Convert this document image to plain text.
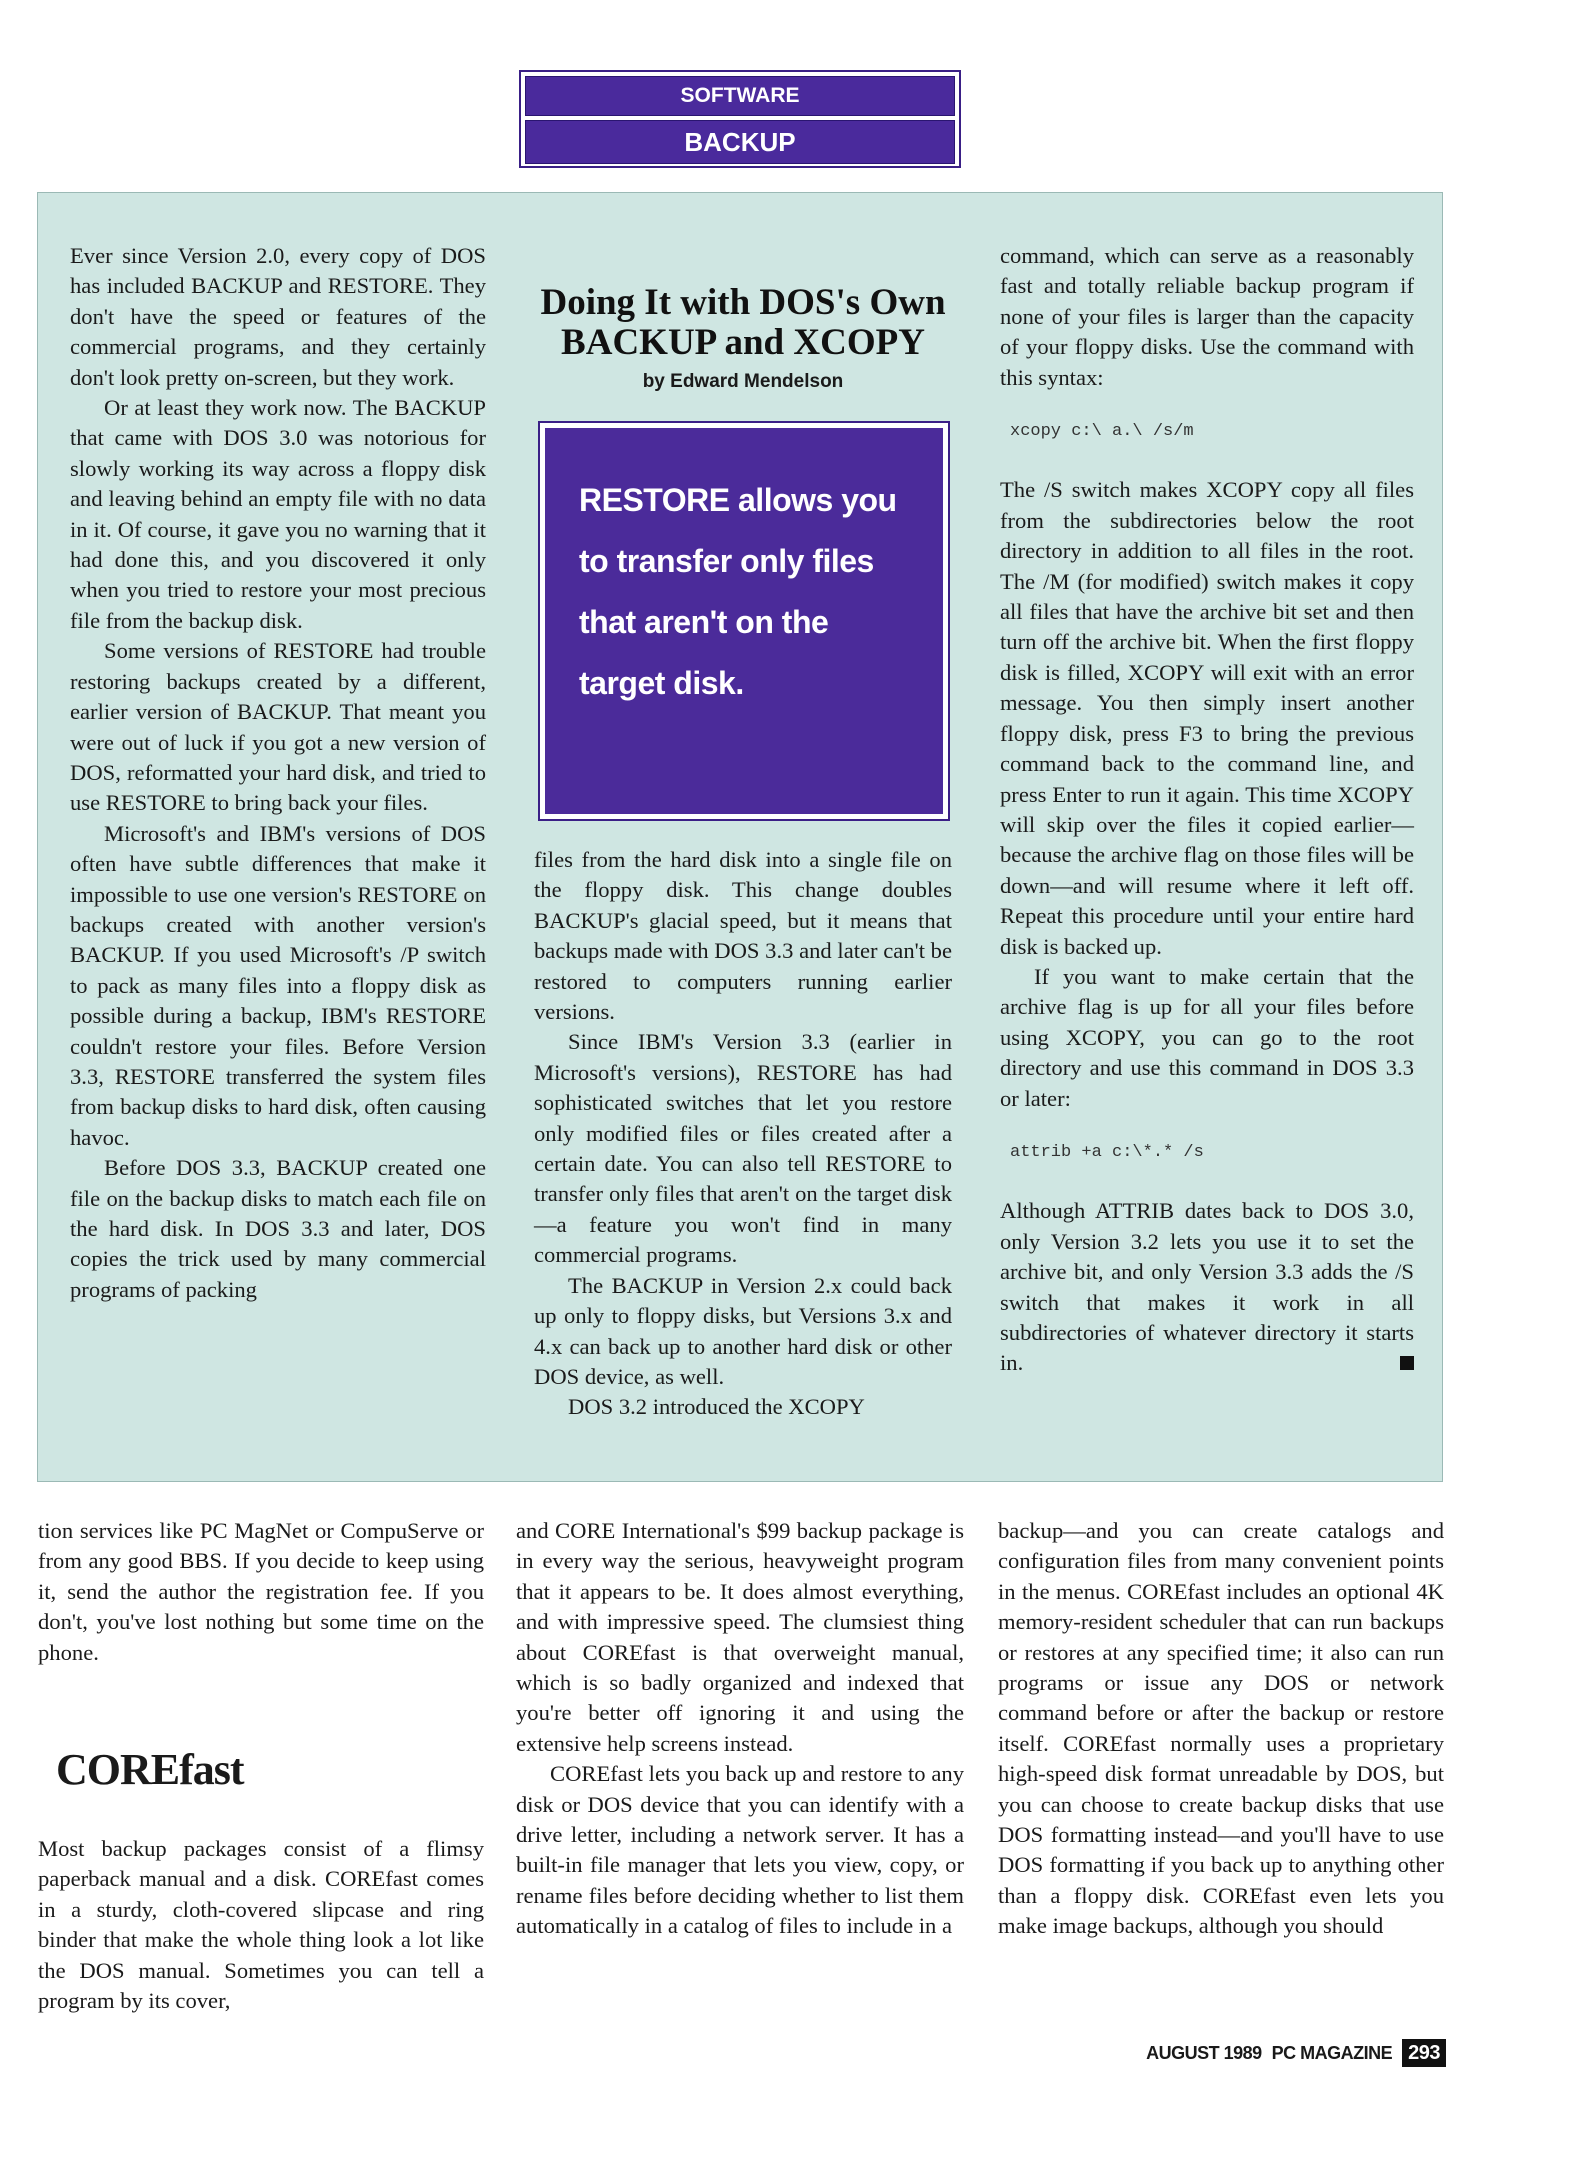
SOFTWARE
BACKUP

Ever since Version 2.0, every copy of DOS has included BACKUP and RESTORE. They don't have the speed or features of the commercial programs, and they certainly don't look pretty on-screen, but they work.

Or at least they work now. The BACKUP that came with DOS 3.0 was notorious for slowly working its way across a floppy disk and leaving behind an empty file with no data in it. Of course, it gave you no warning that it had done this, and you discovered it only when you tried to restore your most precious file from the backup disk.

Some versions of RESTORE had trouble restoring backups created by a different, earlier version of BACKUP. That meant you were out of luck if you got a new version of DOS, reformatted your hard disk, and tried to use RESTORE to bring back your files.

Microsoft's and IBM's versions of DOS often have subtle differences that make it impossible to use one version's RESTORE on backups created with another version's BACKUP. If you used Microsoft's /P switch to pack as many files into a floppy disk as possible during a backup, IBM's RESTORE couldn't restore your files. Before Version 3.3, RESTORE transferred the system files from backup disks to hard disk, often causing havoc.

Before DOS 3.3, BACKUP created one file on the backup disks to match each file on the hard disk. In DOS 3.3 and later, DOS copies the trick used by many commercial programs of packing

Doing It with DOS's Own BACKUP and XCOPY
by Edward Mendelson
RESTORE allows you to transfer only files that aren't on the target disk.

files from the hard disk into a single file on the floppy disk. This change doubles BACKUP's glacial speed, but it means that backups made with DOS 3.3 and later can't be restored to computers running earlier versions.

Since IBM's Version 3.3 (earlier in Microsoft's versions), RESTORE has had sophisticated switches that let you restore only modified files or files created after a certain date. You can also tell RESTORE to transfer only files that aren't on the target disk—a feature you won't find in many commercial programs.

The BACKUP in Version 2.x could back up only to floppy disks, but Versions 3.x and 4.x can back up to another hard disk or other DOS device, as well.

DOS 3.2 introduced the XCOPY

command, which can serve as a reasonably fast and totally reliable backup program if none of your files is larger than the capacity of your floppy disks. Use the command with this syntax:

xcopy c:\ a.\ /s/m

The /S switch makes XCOPY copy all files from the subdirectories below the root directory in addition to all files in the root. The /M (for modified) switch makes it copy all files that have the archive bit set and then turn off the archive bit. When the first floppy disk is filled, XCOPY will exit with an error message. You then simply insert another floppy disk, press F3 to bring the previous command back to the command line, and press Enter to run it again. This time XCOPY will skip over the files it copied earlier—because the archive flag on those files will be down—and will resume where it left off. Repeat this procedure until your entire hard disk is backed up.

If you want to make certain that the archive flag is up for all your files before using XCOPY, you can go to the root directory and use this command in DOS 3.3 or later:

attrib +a c:\*.* /s

Although ATTRIB dates back to DOS 3.0, only Version 3.2 lets you use it to set the archive bit, and only Version 3.3 adds the /S switch that makes it work in all subdirectories of whatever directory it starts in.

tion services like PC MagNet or CompuServe or from any good BBS. If you decide to keep using it, send the author the registration fee. If you don't, you've lost nothing but some time on the phone.

COREfast

Most backup packages consist of a flimsy paperback manual and a disk. COREfast comes in a sturdy, cloth-covered slipcase and ring binder that make the whole thing look a lot like the DOS manual. Sometimes you can tell a program by its cover,

and CORE International's $99 backup package is in every way the serious, heavyweight program that it appears to be. It does almost everything, and with impressive speed. The clumsiest thing about COREfast is that overweight manual, which is so badly organized and indexed that you're better off ignoring it and using the extensive help screens instead.

COREfast lets you back up and restore to any disk or DOS device that you can identify with a drive letter, including a network server. It has a built-in file manager that lets you view, copy, or rename files before deciding whether to list them automatically in a catalog of files to include in a

backup—and you can create catalogs and configuration files from many convenient points in the menus. COREfast includes an optional 4K memory-resident scheduler that can run backups or restores at any specified time; it also can run programs or issue any DOS or network command before or after the backup or restore itself. COREfast normally uses a proprietary high-speed disk format unreadable by DOS, but you can choose to create backup disks that use DOS formatting instead—and you'll have to use DOS formatting if you back up to anything other than a floppy disk. COREfast even lets you make image backups, although you should

AUGUST 1989 PC MAGAZINE 293
